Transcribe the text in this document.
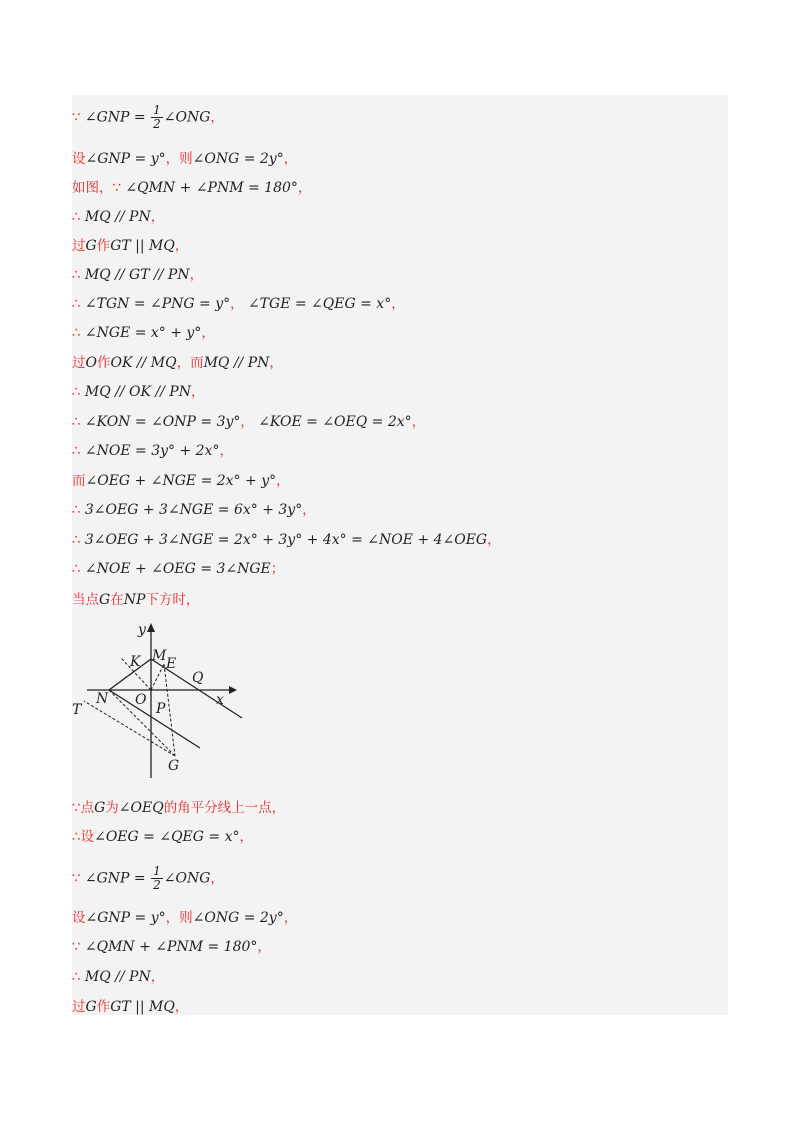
∵ ∠GNP = $\frac{1}{2}$ ∠ONG，
设∠GNP = y°，则∠ONG = 2y°，
如图，∵ ∠QMN + ∠PNM = 180°，
∴ MQ // PN，
过G作GT || MQ，
∴ MQ // GT // PN，
∴ ∠TGN = ∠PNG = y°， ∠TGE = ∠QEG = x°，
∴ ∠NGE = x° + y°，
过O作OK // MQ，而MQ // PN，
∴ MQ // OK // PN，
∴ ∠KON = ∠ONP = 3y°， ∠KOE = ∠OEQ = 2x°，
∴ ∠NOE = 3y° + 2x°，
而∠OEG + ∠NGE = 2x° + y°，
∴ 3∠OEG + 3∠NGE = 6x° + 3y°，
∴ 3∠OEG + 3∠NGE = 2x° + 3y° + 4x° = ∠NOE + 4∠OEG，
∴ ∠NOE + ∠OEG = 3∠NGE；
当点G在NP下方时，
∵点G为∠OEQ的角平分线上一点，
∴设∠OEG = ∠QEG = x°，
∵ ∠GNP = $\frac{1}{2}$ ∠ONG，
设∠GNP = y°，则∠ONG = 2y°，
∵ ∠QMN + ∠PNM = 180°，
∴ MQ // PN，
过G作GT || MQ，
y
x
K M E
Q
N O
P
T
G
